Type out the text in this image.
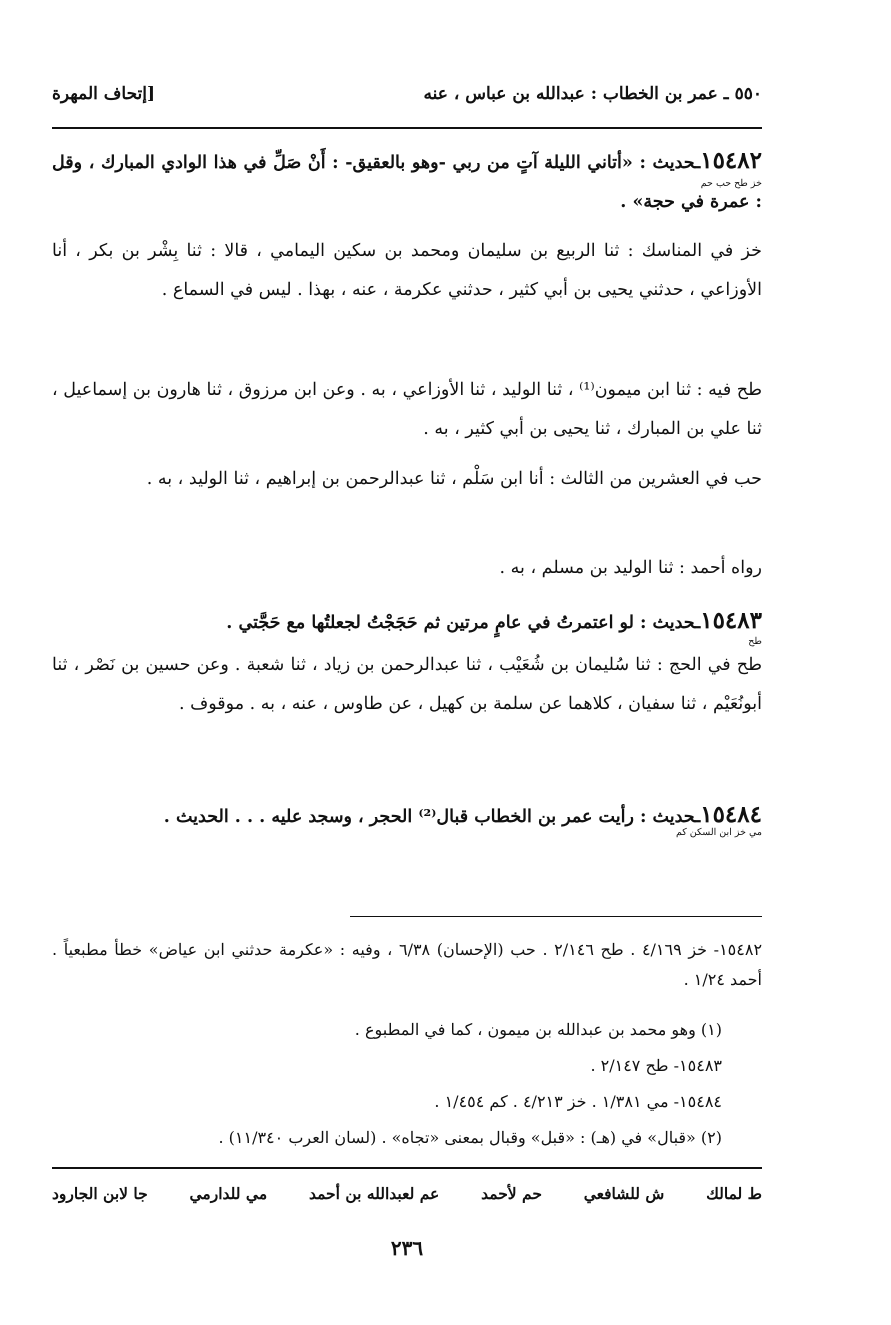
٥٥٠ ـ عمر بن الخطاب : عبدالله بن عباس ، عنه
[إتحاف المهرة
١٥٤٨٢ـحديث : «أتاني الليلة آتٍ من ربي -وهو بالعقيق- : أَنْ صَلِّ في هذا الوادي المبارك ، وقل : عمرة في حجة» .
خز طح حب حم
خز في المناسك : ثنا الربيع بن سليمان ومحمد بن سكين اليمامي ، قالا : ثنا بِشْر بن بكر ، أنا الأوزاعي ، حدثني يحيى بن أبي كثير ، حدثني عكرمة ، عنه ، بهذا . ليس في السماع .
طح فيه : ثنا ابن ميمون⁽¹⁾ ، ثنا الوليد ، ثنا الأوزاعي ، به . وعن ابن مرزوق ، ثنا هارون بن إسماعيل ، ثنا علي بن المبارك ، ثنا يحيى بن أبي كثير ، به .
حب في العشرين من الثالث : أنا ابن سَلْم ، ثنا عبدالرحمن بن إبراهيم ، ثنا الوليد ، به .
رواه أحمد : ثنا الوليد بن مسلم ، به .
١٥٤٨٣ـحديث : لو اعتمرتُ في عامٍ مرتين ثم حَجَجْتُ لجعلتُها مع حَجَّتي .
طح
طح في الحج : ثنا سُليمان بن شُعَيْب ، ثنا عبدالرحمن بن زياد ، ثنا شعبة . وعن حسين بن نَصْر ، ثنا أبونُعَيْم ، ثنا سفيان ، كلاهما عن سلمة بن كهيل ، عن طاوس ، عنه ، به . موقوف .
١٥٤٨٤ـحديث : رأيت عمر بن الخطاب قبال⁽²⁾ الحجر ، وسجد عليه . . . الحديث .
مي خز ابن السكن كم
١٥٤٨٢- خز ٤/١٦٩ . طح ٢/١٤٦ . حب (الإحسان) ٦/٣٨ ، وفيه : «عكرمة حدثني ابن عياض» خطأ مطبعياً . أحمد ١/٢٤ .
(١) وهو محمد بن عبدالله بن ميمون ، كما في المطبوع .
١٥٤٨٣- طح ٢/١٤٧ .
١٥٤٨٤- مي ١/٣٨١ . خز ٤/٢١٣ . كم ١/٤٥٤ .
(٢) «قبال» في (هـ) : «قبل» وقبال بمعنى «تجاه» . (لسان العرب ١١/٣٤٠) .
ط لمالك
ش للشافعي
حم لأحمد
عم لعبدالله بن أحمد
مي للدارمي
جا لابن الجارود
٢٣٦
